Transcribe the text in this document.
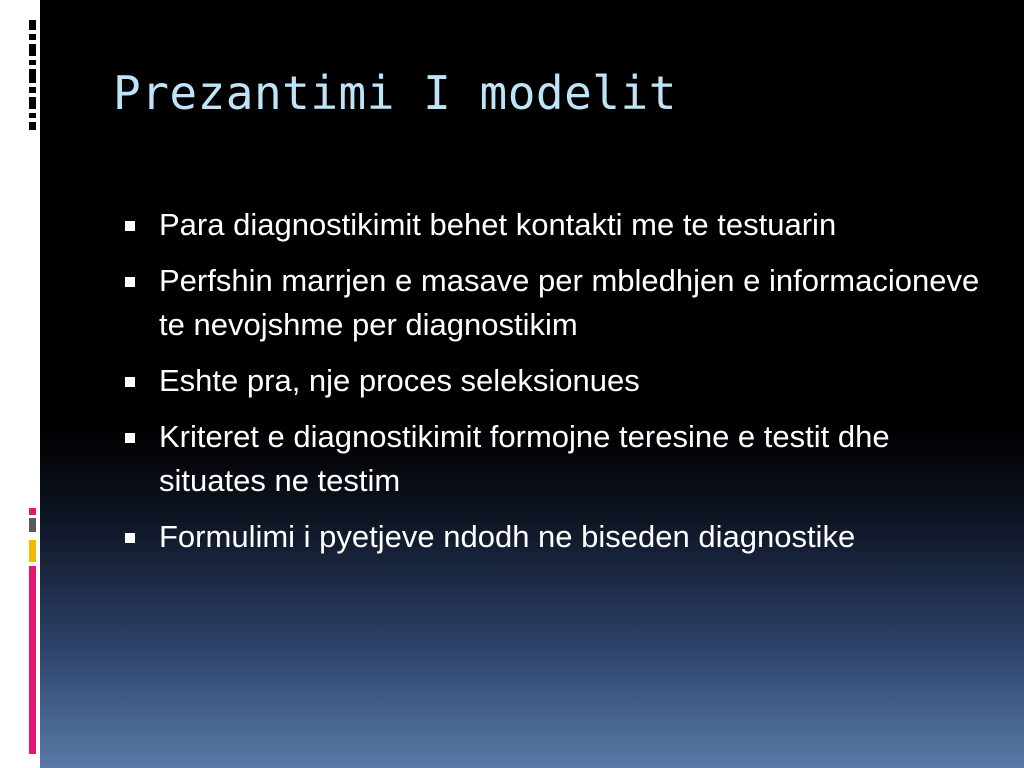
Prezantimi I modelit
Para diagnostikimit behet kontakti me te testuarin
Perfshin marrjen e masave per mbledhjen e informacioneve te nevojshme per diagnostikim
Eshte pra, nje proces seleksionues
Kriteret e diagnostikimit formojne teresine e testit dhe situates ne testim
Formulimi i pyetjeve ndodh ne biseden diagnostike
